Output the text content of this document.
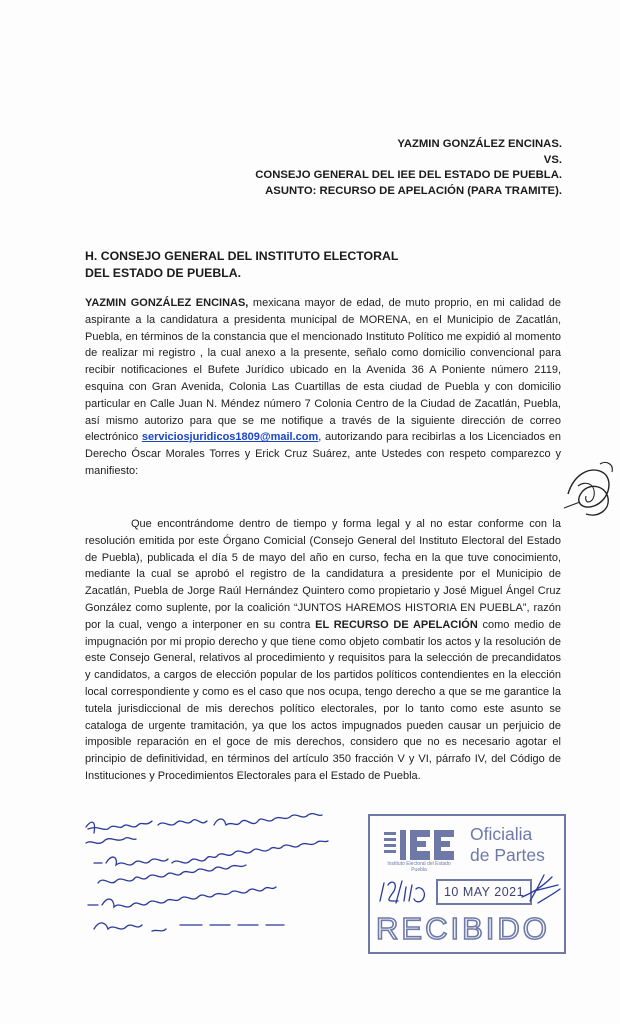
YAZMIN GONZÁLEZ ENCINAS.
VS.
CONSEJO GENERAL DEL IEE DEL ESTADO DE PUEBLA.
ASUNTO: RECURSO DE APELACIÓN (PARA TRAMITE).
H. CONSEJO GENERAL DEL INSTITUTO ELECTORAL
DEL ESTADO DE PUEBLA.
YAZMIN GONZÁLEZ ENCINAS, mexicana mayor de edad, de muto proprio, en mi calidad de aspirante a la candidatura a presidenta municipal de MORENA, en el Municipio de Zacatlán, Puebla, en términos de la constancia que el mencionado Instituto Político me expidió al momento de realizar mi registro , la cual anexo a la presente, señalo como domicilio convencional para recibir notificaciones el Bufete Jurídico ubicado en la Avenida 36 A Poniente número 2119, esquina con Gran Avenida, Colonia Las Cuartillas de esta ciudad de Puebla y con domicilio particular en Calle Juan N. Méndez número 7 Colonia Centro de la Ciudad de Zacatlán, Puebla, así mismo autorizo para que se me notifique a través de la siguiente dirección de correo electrónico serviciosjuridicos1809@mail.com, autorizando para recibirlas a los Licenciados en Derecho Óscar Morales Torres y Erick Cruz Suárez, ante Ustedes con respeto comparezco y manifiesto:
Que encontrándome dentro de tiempo y forma legal y al no estar conforme con la resolución emitida por este Órgano Comicial (Consejo General del Instituto Electoral del Estado de Puebla), publicada el día 5 de mayo del año en curso, fecha en la que tuve conocimiento, mediante la cual se aprobó el registro de la candidatura a presidente por el Municipio de Zacatlán, Puebla de Jorge Raúl Hernández Quintero como propietario y José Miguel Ángel Cruz González como suplente, por la coalición “JUNTOS HAREMOS HISTORIA EN PUEBLA”, razón por la cual, vengo a interponer en su contra EL RECURSO DE APELACIÓN como medio de impugnación por mi propio derecho y que tiene como objeto combatir los actos y la resolución de este Consejo General, relativos al procedimiento y requisitos para la selección de precandidatos y candidatos, a cargos de elección popular de los partidos políticos contendientes en la elección local correspondiente y como es el caso que nos ocupa, tengo derecho a que se me garantice la tutela jurisdiccional de mis derechos político electorales, por lo tanto como este asunto se cataloga de urgente tramitación, ya que los actos impugnados pueden causar un perjuicio de imposible reparación en el goce de mis derechos, considero que no es necesario agotar el principio de definitividad, en términos del artículo 350 fracción V y VI, párrafo IV, del Código de Instituciones y Procedimientos Electorales para el Estado de Puebla.
Instituto Electoral del Estado
Puebla
Oficialia
de Partes
10 MAY 2021
RECIBIDO
